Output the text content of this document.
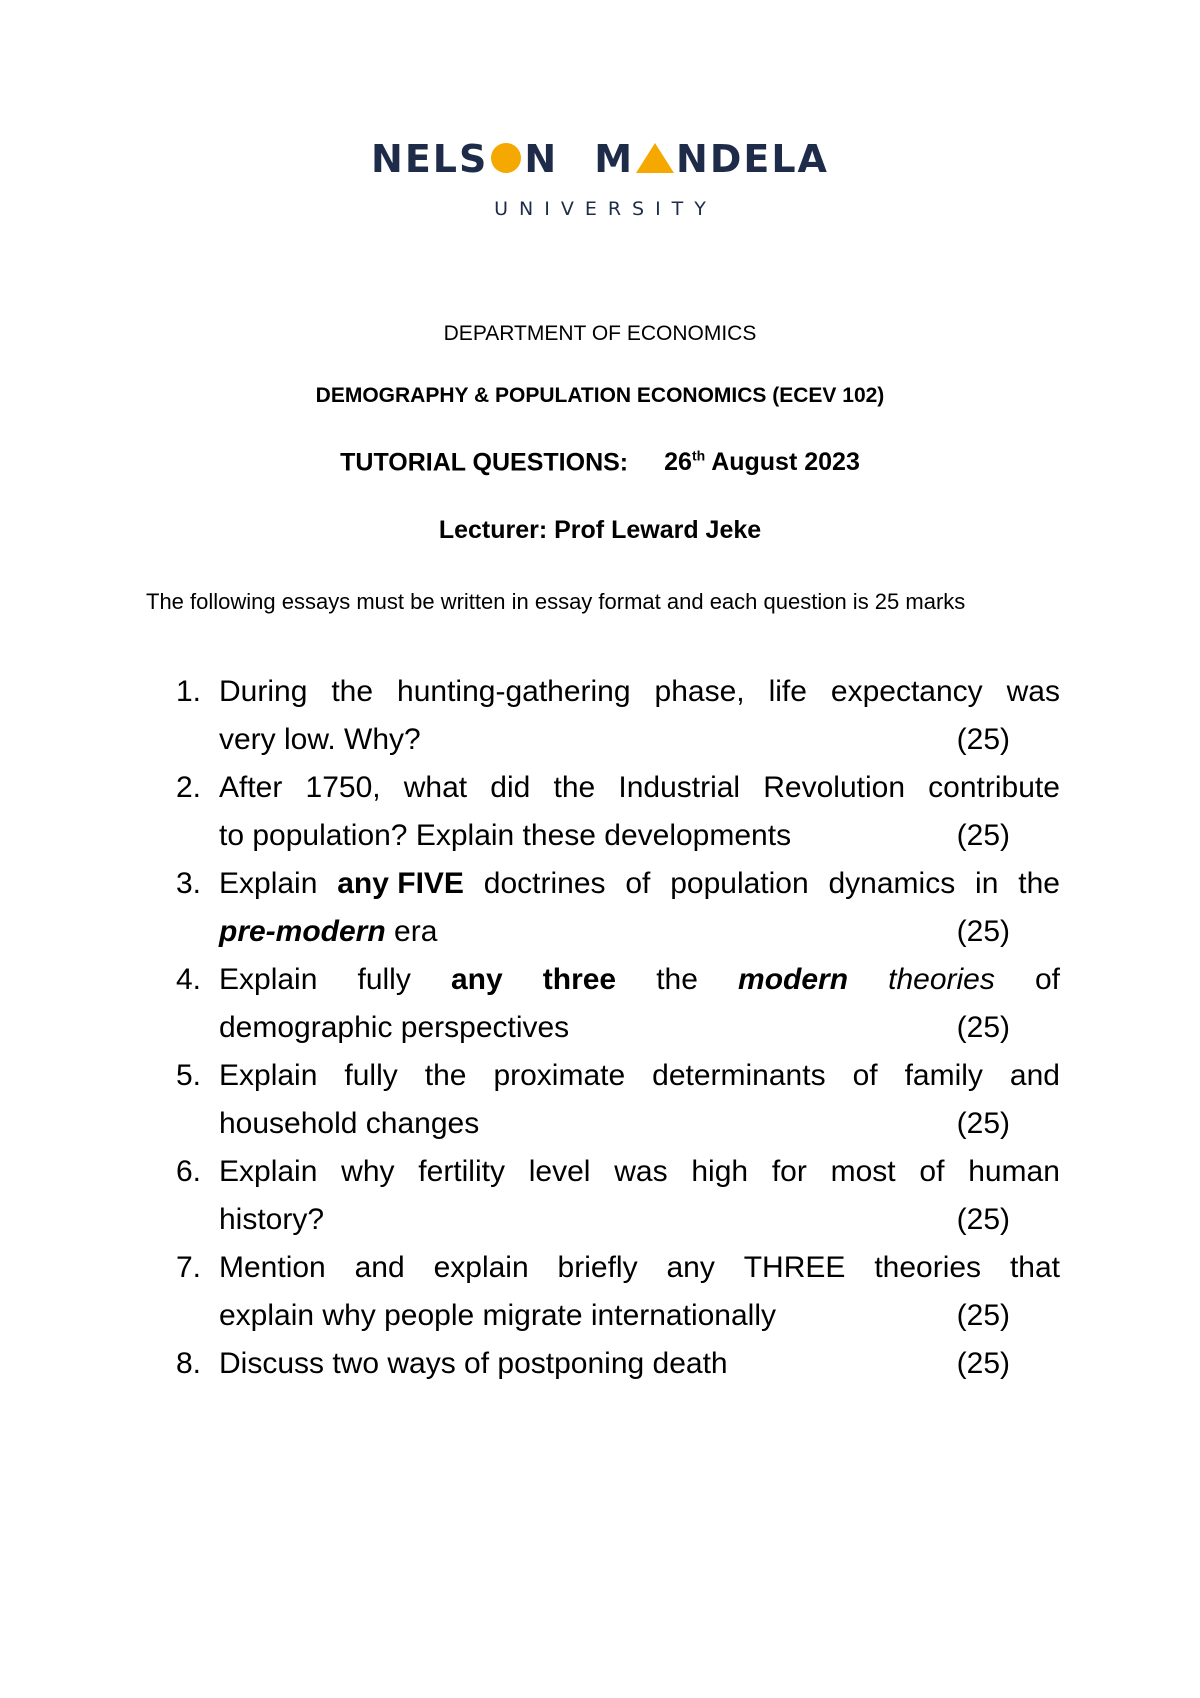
NELS N M NDELA
UNIVERSITY
DEPARTMENT OF ECONOMICS
DEMOGRAPHY & POPULATION ECONOMICS (ECEV 102)
TUTORIAL QUESTIONS: 26th August 2023
Lecturer: Prof Leward Jeke
The following essays must be written in essay format and each question is 25 marks
1. During the hunting-gathering phase, life expectancy was
very low. Why?	(25)
2. After 1750, what did the Industrial Revolution contribute
to population? Explain these developments	(25)
3. Explain any FIVE doctrines of population dynamics in the
pre-modern era	(25)
4. Explain fully any three the modern theories of
demographic perspectives	(25)
5. Explain fully the proximate determinants of family and
household changes	(25)
6. Explain why fertility level was high for most of human
history?	(25)
7. Mention and explain briefly any THREE theories that
explain why people migrate internationally	(25)
8. Discuss two ways of postponing death	(25)
